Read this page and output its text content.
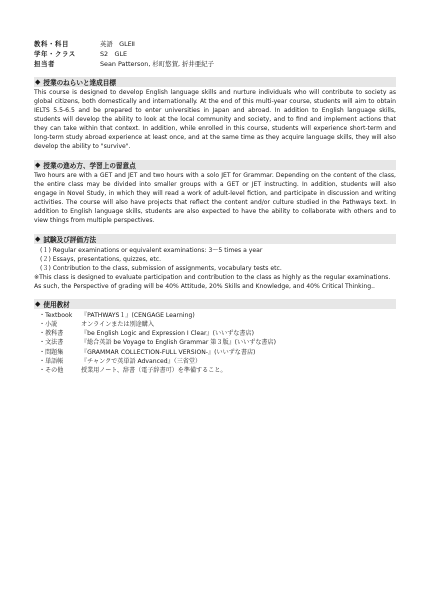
教科・科目	英語　GLEⅡ
学年・クラス	S2　GLE
担当者	Sean Patterson, 杉町悠賀, 折井亜紀子
◆ 授業のねらいと達成目標

This course is designed to develop English language skills and nurture individuals who will contribute to society as global citizens, both domestically and internationally. At the end of this multi-year course, students will aim to obtain IELTS 5.5-6.5 and be prepared to enter universities in Japan and abroad. In addition to English language skills, students will develop the ability to look at the local community and society, and to find and implement actions that they can take within that context. In addition, while enrolled in this course, students will experience short-term and long-term study abroad experience at least once, and at the same time as they acquire language skills, they will also develop the ability to "survive".

◆ 授業の進め方、学習上の留意点

Two hours are with a GET and JET and two hours with a solo JET for Grammar. Depending on the content of the class, the entire class may be divided into smaller groups with a GET or JET instructing. In addition, students will also engage in Novel Study, in which they will read a work of adult-level fiction, and participate in discussion and writing activities. The course will also have projects that reflect the content and/or culture studied in the Pathways text. In addition to English language skills, students are also expected to have the ability to collaborate with others and to view things from multiple perspectives.

◆ 試験及び評価方法
(１) Regular examinations or equivalent examinations: 3～5 times a year
(２) Essays, presentations, quizzes, etc.
(３) Contribution to the class, submission of assignments, vocabulary tests etc.
※This class is designed to evaluate participation and contribution to the class as highly as the regular examinations. As such, the Perspective of grading will be 40% Attitude, 20% Skills and Knowledge, and 40% Critical Thinking..
◆ 使用教材
・Textbook	『PATHWAYS１』(CENGAGE Learning)
・小説	オンラインまたは別途購入
・教科書	『be English Logic and Expression Ⅰ Clear』(いいずな書店)
・文法書	『総合英語 be Voyage to English Grammar 第３版』(いいずな書店)
・問題集	『GRAMMAR COLLECTION-FULL VERSION-』(いいずな書店)
・単語帳	『チャンクで英単語 Advanced』（三省堂）
・その他	授業用ノート、辞書（電子辞書可）を準備すること。
